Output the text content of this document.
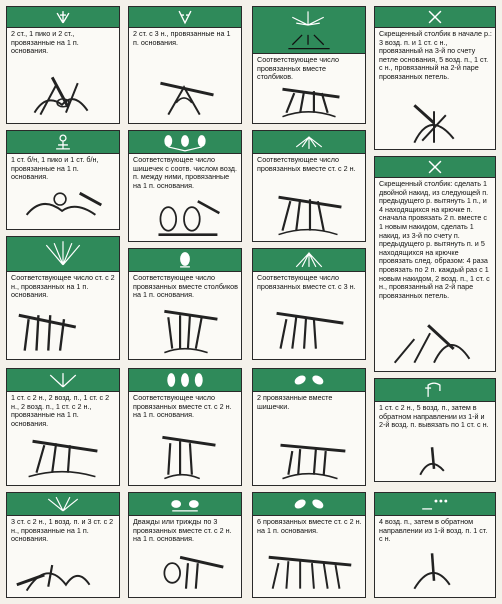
2 ст., 1 пико и 2 ст., провязанные на 1 п. основания.
2 ст. с 3 н., провязанные на 1 п. основания.
Соответствующее число провязанных вместе столбиков.
Скрещенный столбик в начале р.: 3 возд. п. и 1 ст. с н., провязанный на 3-й по счету петле основания, 5 возд. п., 1 ст. с н., провязанный на 2-й паре провязанных петель.
1 ст. б/н, 1 пико и 1 ст. б/н, провязанные на 1 п. основания.
Соответствующее число шишечек с соотв. числом возд. п. между ними, провязанные на 1 п. основания.
Соответствующее число провязанных вместе ст. с 2 н.
Скрещенный столбик: сделать 1 двойной накид, из следующей п. предыдущего р. вытянуть 1 п., и 4 находящихся на крючке п. сначала провязать 2 п. вместе с 1 новым накидом, сделать 1 накид, из 3-й по счету п. предыдущего р. вытянуть п. и 5 находящихся на крючке провязать след. образом: 4 раза провязать по 2 п. каждый раз с 1 новым накидом, 2 возд. п., 1 ст. с н., провязанный на 2-й паре провязанных петель.
Соответствующее число ст. с 2 н., провязанных на 1 п. основания.
Соответствующее число провязанных вместе столбиков на 1 п. основания.
Соответствующее число провязанных вместе ст. с 3 н.
1 ст. с 2 н., 2 возд. п., 1 ст. с 2 н., 2 возд. п., 1 ст. с 2 н., провязанные на 1 п. основания.
Соответствующее число провязанных вместе ст. с 2 н. на 1 п. основания.
2 провязанные вместе шишечки.	1 ст. с 2 н., 5 возд. п., затем в обратном направлении из 1-й и 2-й возд. п. вывязать по 1 ст. с н.
3 ст. с 2 н., 1 возд. п. и 3 ст. с 2 н., провязанные на 1 п. основания.
Дважды или трижды по 3 провязанных вместе ст. с 2 н. на 1 п. основания.
6 провязанных вместе ст. с 2 н. на 1 п. основания.
4 возд. п., затем в обратном направлении из 1-й возд. п. 1 ст. с н.
